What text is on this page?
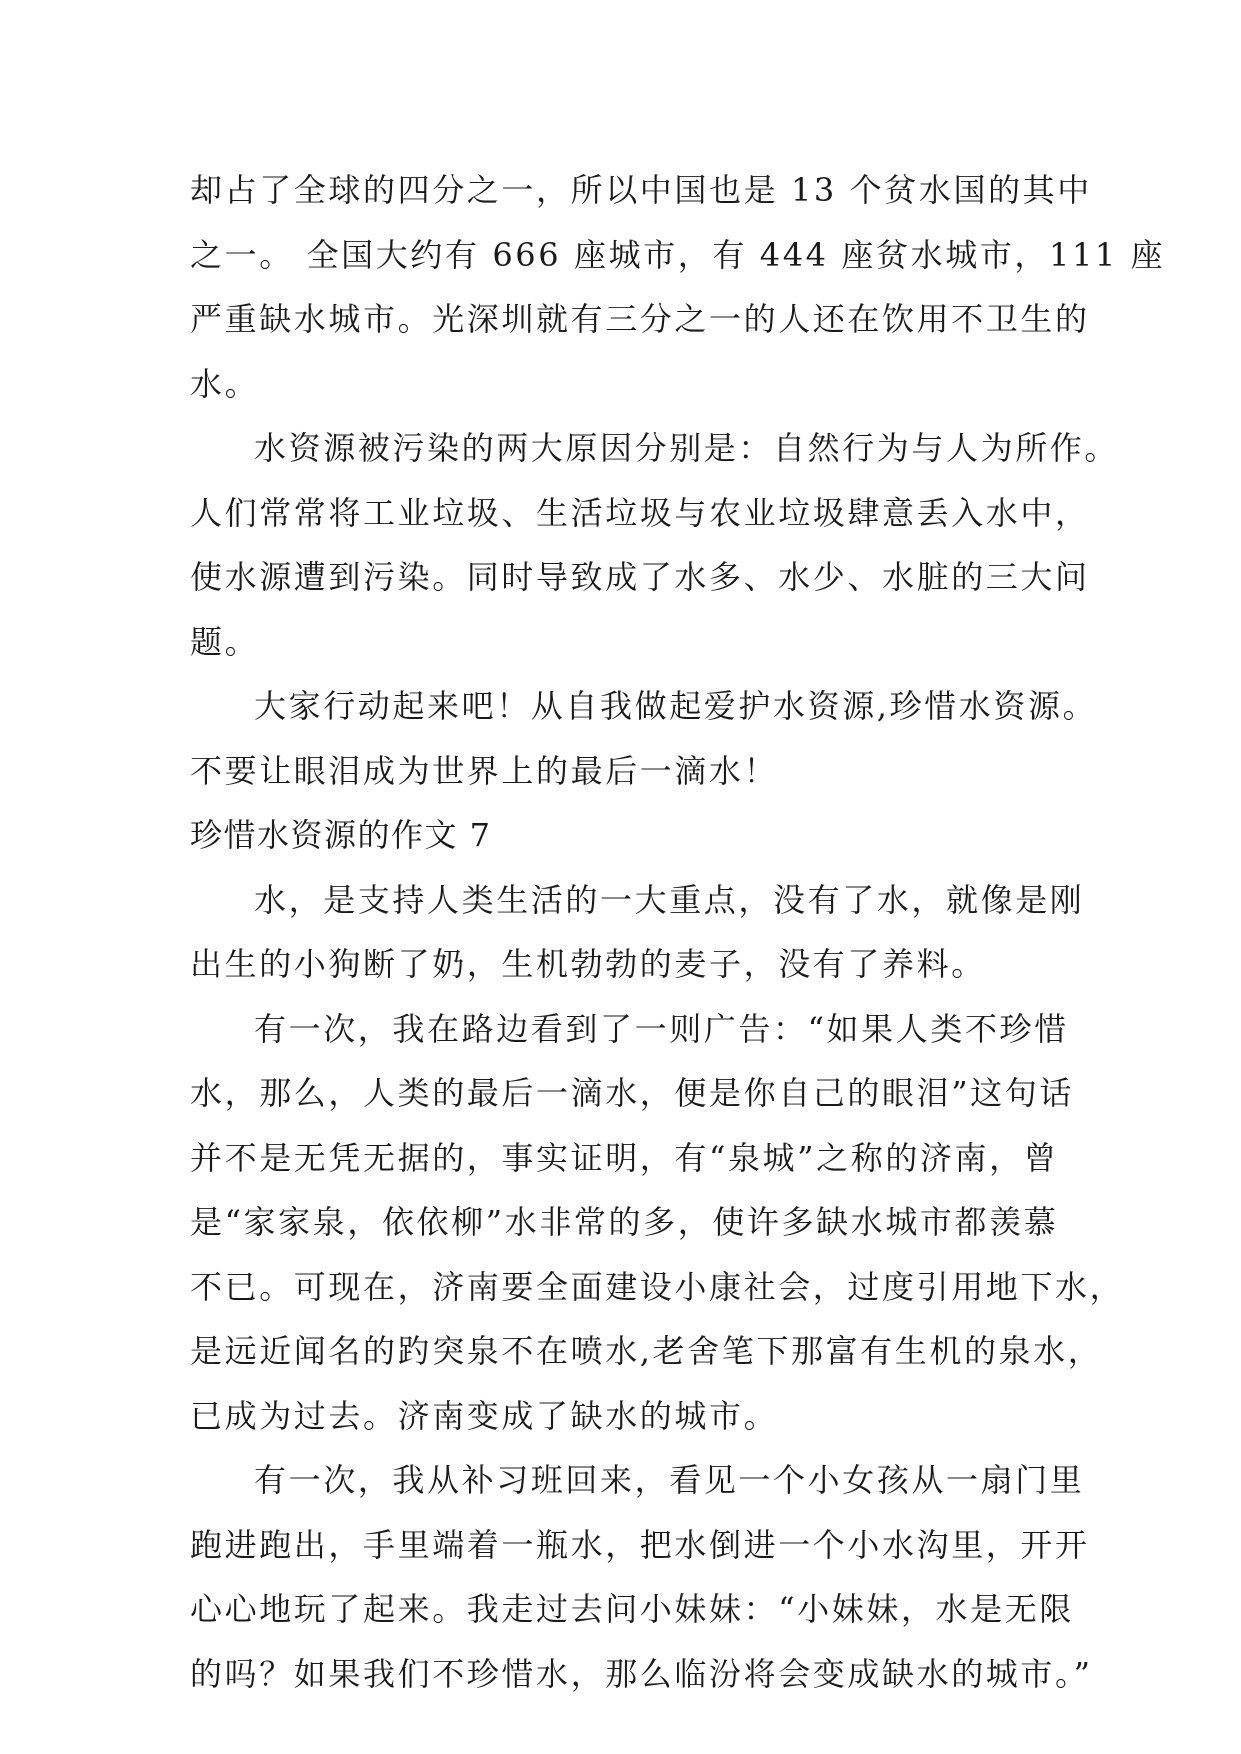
却占了全球的四分之一，所以中国也是 13 个贫水国的其中
之一。 全国大约有 666 座城市，有 444 座贫水城市，111 座
严重缺水城市。光深圳就有三分之一的人还在饮用不卫生的
水。
水资源被污染的两大原因分别是：自然行为与人为所作。
人们常常将工业垃圾、生活垃圾与农业垃圾肆意丢入水中，
使水源遭到污染。同时导致成了水多、水少、水脏的三大问
题。
大家行动起来吧！从自我做起爱护水资源,珍惜水资源。
不要让眼泪成为世界上的最后一滴水！
珍惜水资源的作文 7
水，是支持人类生活的一大重点，没有了水，就像是刚
出生的小狗断了奶，生机勃勃的麦子，没有了养料。
有一次，我在路边看到了一则广告：“如果人类不珍惜
水，那么，人类的最后一滴水，便是你自己的眼泪”这句话
并不是无凭无据的，事实证明，有“泉城”之称的济南，曾
是“家家泉，依依柳”水非常的多，使许多缺水城市都羡慕
不已。可现在，济南要全面建设小康社会，过度引用地下水，
是远近闻名的趵突泉不在喷水,老舍笔下那富有生机的泉水，
已成为过去。济南变成了缺水的城市。
有一次，我从补习班回来，看见一个小女孩从一扇门里
跑进跑出，手里端着一瓶水，把水倒进一个小水沟里，开开
心心地玩了起来。我走过去问小妹妹：“小妹妹，水是无限
的吗？如果我们不珍惜水，那么临汾将会变成缺水的城市。”
